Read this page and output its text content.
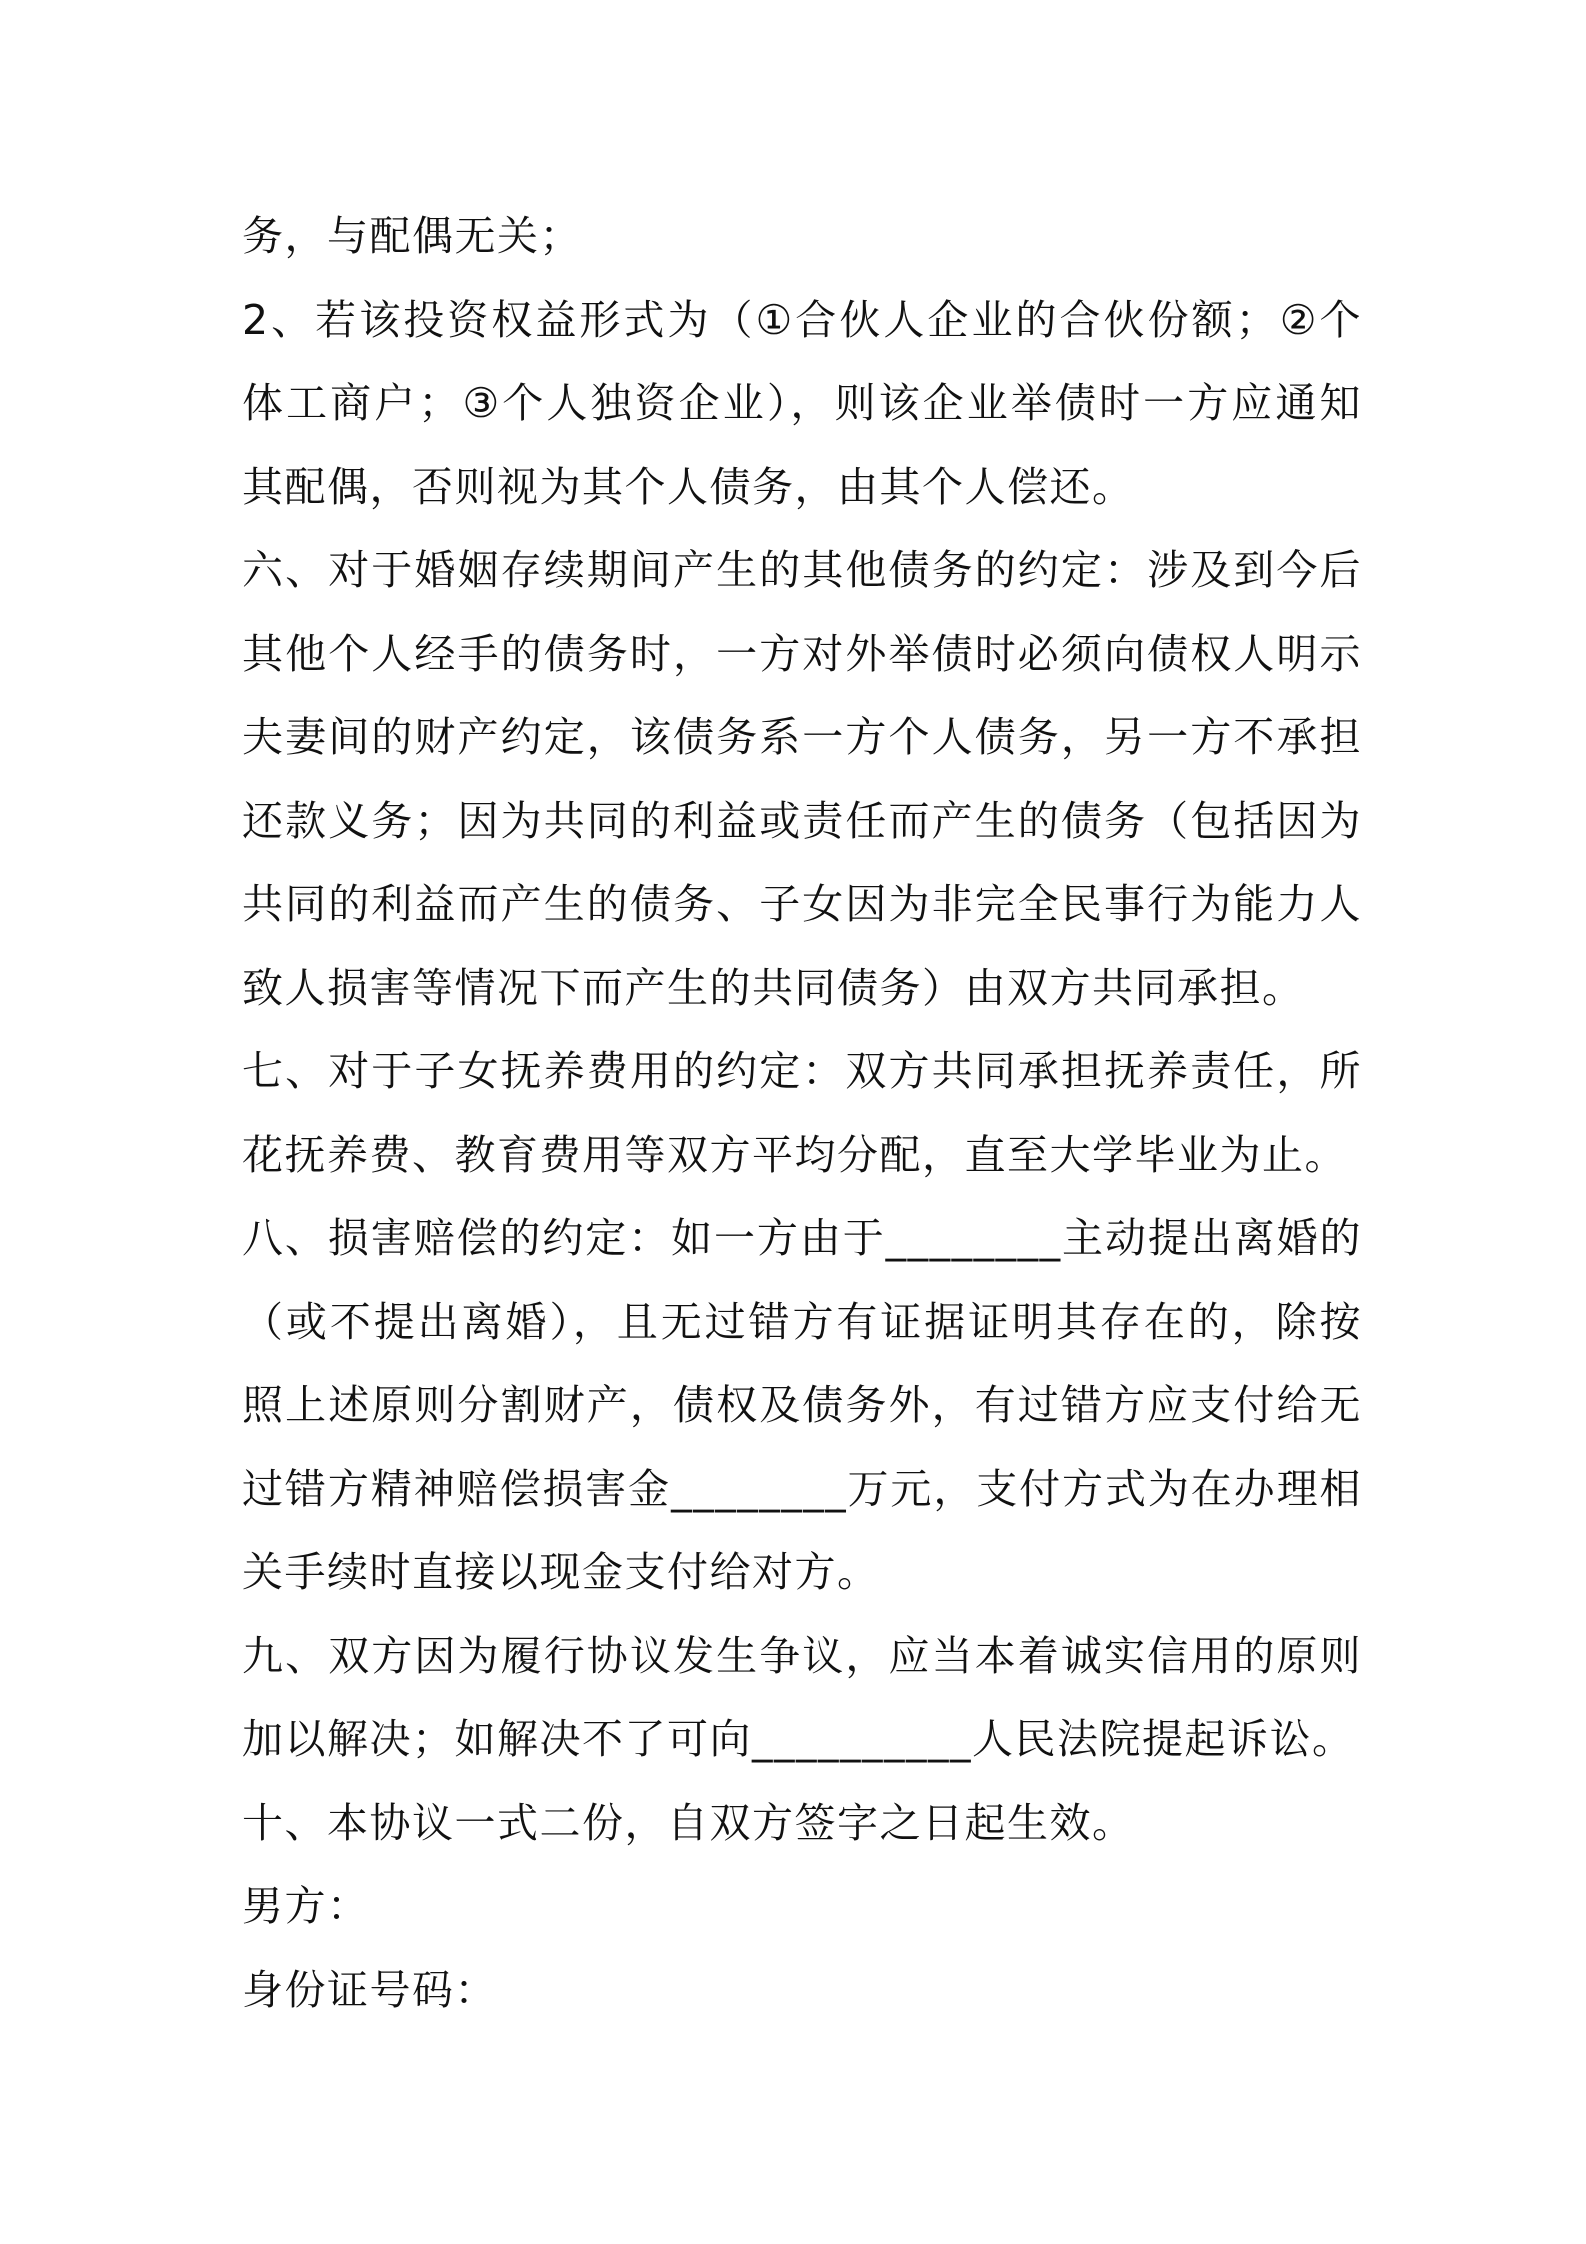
务，与配偶无关；

2、若该投资权益形式为（①合伙人企业的合伙份额；②个体工商户；③个人独资企业），则该企业举债时一方应通知其配偶，否则视为其个人债务，由其个人偿还。

六、对于婚姻存续期间产生的其他债务的约定：涉及到今后其他个人经手的债务时，一方对外举债时必须向债权人明示夫妻间的财产约定，该债务系一方个人债务，另一方不承担还款义务；因为共同的利益或责任而产生的债务（包括因为共同的利益而产生的债务、子女因为非完全民事行为能力人致人损害等情况下而产生的共同债务）由双方共同承担。

七、对于子女抚养费用的约定：双方共同承担抚养责任，所花抚养费、教育费用等双方平均分配，直至大学毕业为止。

八、损害赔偿的约定：如一方由于________主动提出离婚的（或不提出离婚），且无过错方有证据证明其存在的，除按照上述原则分割财产，债权及债务外，有过错方应支付给无过错方精神赔偿损害金________万元，支付方式为在办理相关手续时直接以现金支付给对方。

九、双方因为履行协议发生争议，应当本着诚实信用的原则加以解决；如解决不了可向__________人民法院提起诉讼。

十、本协议一式二份，自双方签字之日起生效。

男方：

身份证号码：
